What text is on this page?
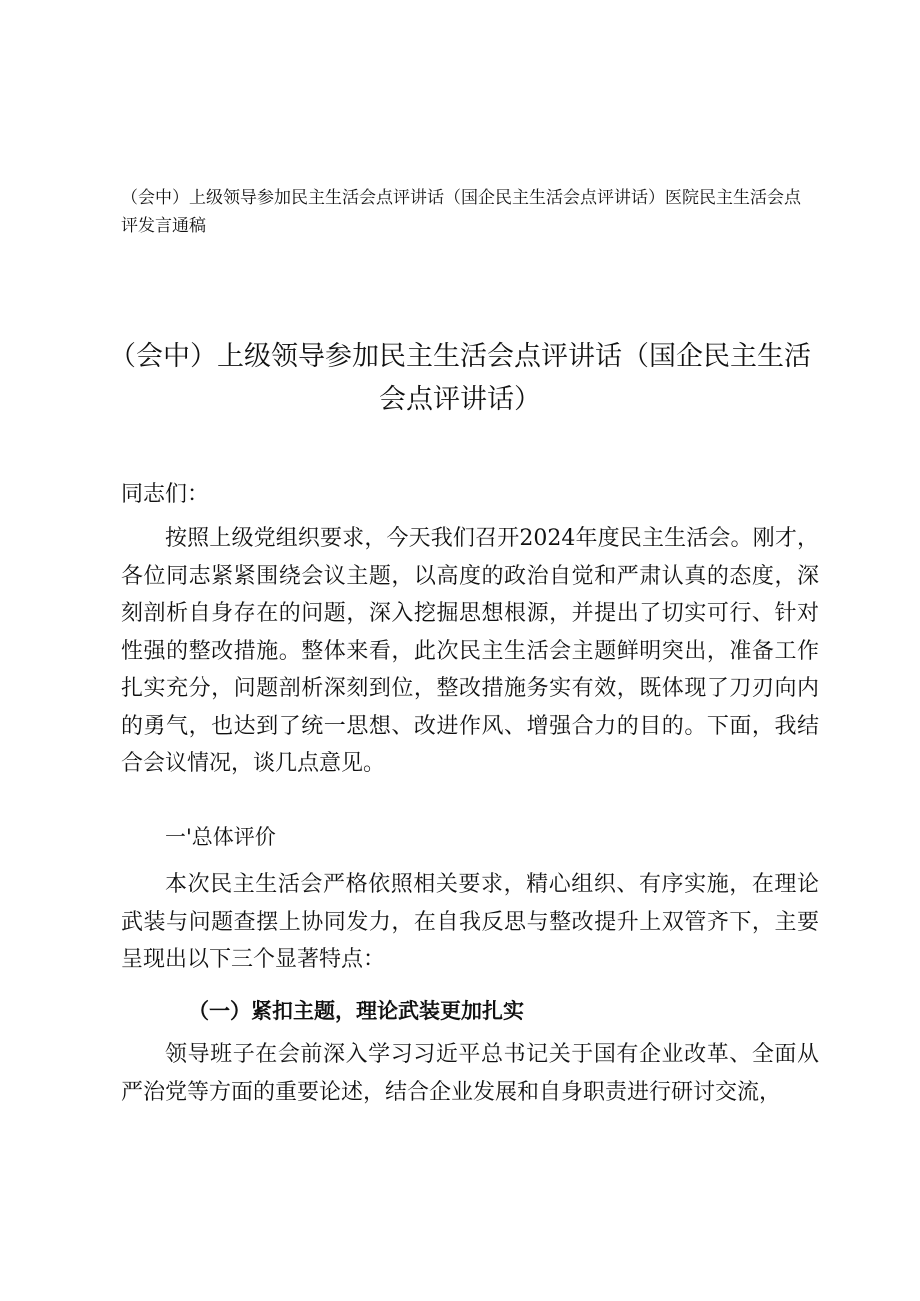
（会中）上级领导参加民主生活会点评讲话（国企民主生活会点评讲话）医院民主生活会点评发言通稿
（会中）上级领导参加民主生活会点评讲话（国企民主生活会点评讲话）
同志们：

按照上级党组织要求，今天我们召开2024年度民主生活会。刚才，各位同志紧紧围绕会议主题，以高度的政治自觉和严肃认真的态度，深刻剖析自身存在的问题，深入挖掘思想根源，并提出了切实可行、针对性强的整改措施。整体来看，此次民主生活会主题鲜明突出，准备工作扎实充分，问题剖析深刻到位，整改措施务实有效，既体现了刀刃向内的勇气，也达到了统一思想、改进作风、增强合力的目的。下面，我结合会议情况，谈几点意见。

一'总体评价

本次民主生活会严格依照相关要求，精心组织、有序实施，在理论武装与问题查摆上协同发力，在自我反思与整改提升上双管齐下，主要呈现出以下三个显著特点：

（一）紧扣主题，理论武装更加扎实

领导班子在会前深入学习习近平总书记关于国有企业改革、全面从严治党等方面的重要论述，结合企业发展和自身职责进行研讨交流，
